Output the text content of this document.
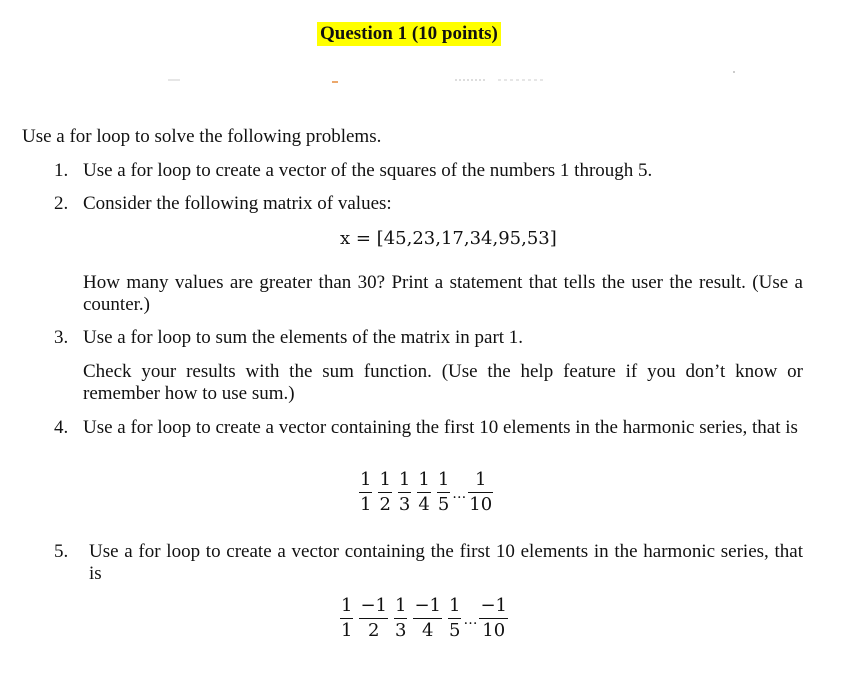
Question 1 (10 points)
Use a for loop to solve the following problems.
1. Use a for loop to create a vector of the squares of the numbers 1 through 5.
2. Consider the following matrix of values:
x = [45,23,17,34,95,53]
How many values are greater than 30? Print a statement that tells the user the result. (Use a counter.)
3. Use a for loop to sum the elements of the matrix in part 1.
Check your results with the sum function. (Use the help feature if you don’t know or remember how to use sum.)
4. Use a for loop to create a vector containing the first 10 elements in the harmonic series, that is
$\frac{1}{1} \frac{1}{2} \frac{1}{3} \frac{1}{4} \frac{1}{5}$ … $\frac{1}{10}$
5. Use a for loop to create a vector containing the first 10 elements in the harmonic series, that is
$\frac{1}{1} \frac{-1}{2} \frac{1}{3} \frac{-1}{4} \frac{1}{5}$ … $\frac{-1}{10}$
